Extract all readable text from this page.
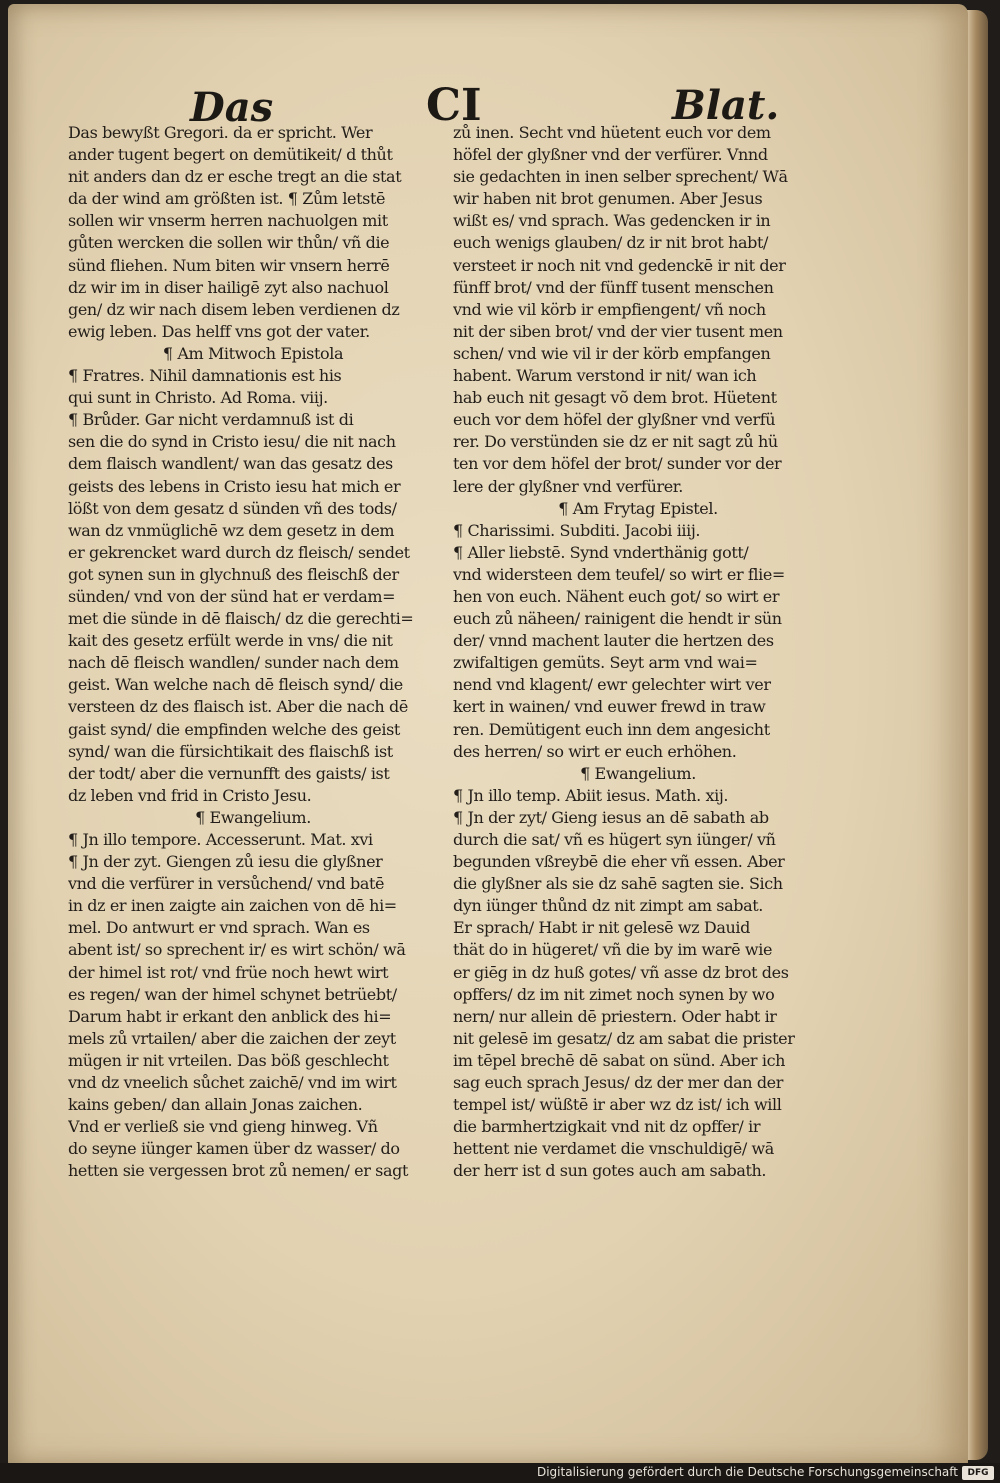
Das	CI	Blat.
Das bewyßt Gregori. da er spricht. Wer
ander tugent begert on demütikeit/ d thůt
nit anders dan dz er esche tregt an die stat
da der wind am größten ist. ¶ Zům letstē
sollen wir vnserm herren nachuolgen mit
gůten wercken die sollen wir thůn/ vñ die
sünd fliehen. Num biten wir vnsern herrē
dz wir im in diser hailigē zyt also nachuol
gen/ dz wir nach disem leben verdienen dz
ewig leben. Das helff vns got der vater.
¶ Am Mitwoch Epistola
¶ Fratres. Nihil damnationis est his
qui sunt in Christo. Ad Roma. viij.
¶ Brůder. Gar nicht verdamnuß ist di
sen die do synd in Cristo iesu/ die nit nach
dem flaisch wandlent/ wan das gesatz des
geists des lebens in Cristo iesu hat mich er
lößt von dem gesatz d sünden vñ des tods/
wan dz vnmüglichē wz dem gesetz in dem
er gekrencket ward durch dz fleisch/ sendet
got synen sun in glychnuß des fleischß der
sünden/ vnd von der sünd hat er verdam=
met die sünde in dē flaisch/ dz die gerechti=
kait des gesetz erfült werde in vns/ die nit
nach dē fleisch wandlen/ sunder nach dem
geist. Wan welche nach dē fleisch synd/ die
versteen dz des flaisch ist. Aber die nach dē
gaist synd/ die empfinden welche des geist
synd/ wan die fürsichtikait des flaischß ist
der todt/ aber die vernunfft des gaists/ ist
dz leben vnd frid in Cristo Jesu.
¶ Ewangelium.
¶ Jn illo tempore. Accesserunt. Mat. xvi
¶ Jn der zyt. Giengen zů iesu die glyßner
vnd die verfürer in versůchend/ vnd batē
in dz er inen zaigte ain zaichen von dē hi=
mel. Do antwurt er vnd sprach. Wan es
abent ist/ so sprechent ir/ es wirt schön/ wā
der himel ist rot/ vnd früe noch hewt wirt
es regen/ wan der himel schynet betrüebt/
Darum habt ir erkant den anblick des hi=
mels zů vrtailen/ aber die zaichen der zeyt
mügen ir nit vrteilen. Das böß geschlecht
vnd dz vneelich sůchet zaichē/ vnd im wirt
kains geben/ dan allain Jonas zaichen.
Vnd er verließ sie vnd gieng hinweg. Vñ
do seyne iünger kamen über dz wasser/ do
hetten sie vergessen brot zů nemen/ er sagt
zů inen. Secht vnd hüetent euch vor dem
höfel der glyßner vnd der verfürer. Vnnd
sie gedachten in inen selber sprechent/ Wā
wir haben nit brot genumen. Aber Jesus
wißt es/ vnd sprach. Was gedencken ir in
euch wenigs glauben/ dz ir nit brot habt/
versteet ir noch nit vnd gedenckē ir nit der
fünff brot/ vnd der fünff tusent menschen
vnd wie vil körb ir empfiengent/ vñ noch
nit der siben brot/ vnd der vier tusent men
schen/ vnd wie vil ir der körb empfangen
habent. Warum verstond ir nit/ wan ich
hab euch nit gesagt võ dem brot. Hüetent
euch vor dem höfel der glyßner vnd verfü
rer. Do verstünden sie dz er nit sagt zů hü
ten vor dem höfel der brot/ sunder vor der
lere der glyßner vnd verfürer.
¶ Am Frytag Epistel.
¶ Charissimi. Subditi. Jacobi iiij.
¶ Aller liebstē. Synd vnderthänig gott/
vnd widersteen dem teufel/ so wirt er flie=
hen von euch. Nähent euch got/ so wirt er
euch zů näheen/ rainigent die hendt ir sün
der/ vnnd machent lauter die hertzen des
zwifaltigen gemüts. Seyt arm vnd wai=
nend vnd klagent/ ewr gelechter wirt ver
kert in wainen/ vnd euwer frewd in traw
ren. Demütigent euch inn dem angesicht
des herren/ so wirt er euch erhöhen.
¶ Ewangelium.
¶ Jn illo temp. Abiit iesus. Math. xij.
¶ Jn der zyt/ Gieng iesus an dē sabath ab
durch die sat/ vñ es hügert syn iünger/ vñ
begunden vßreybē die eher vñ essen. Aber
die glyßner als sie dz sahē sagten sie. Sich
dyn iünger thůnd dz nit zimpt am sabat.
Er sprach/ Habt ir nit gelesē wz Dauid
thät do in hügeret/ vñ die by im warē wie
er giēg in dz huß gotes/ vñ asse dz brot des
opffers/ dz im nit zimet noch synen by wo
nern/ nur allein dē priestern. Oder habt ir
nit gelesē im gesatz/ dz am sabat die prister
im tēpel brechē dē sabat on sünd. Aber ich
sag euch sprach Jesus/ dz der mer dan der
tempel ist/ wüßtē ir aber wz dz ist/ ich will
die barmhertzigkait vnd nit dz opffer/ ir
hettent nie verdamet die vnschuldigē/ wā
der herr ist d sun gotes auch am sabath.
Digitalisierung gefördert durch die Deutsche Forschungsgemeinschaft	DFG
